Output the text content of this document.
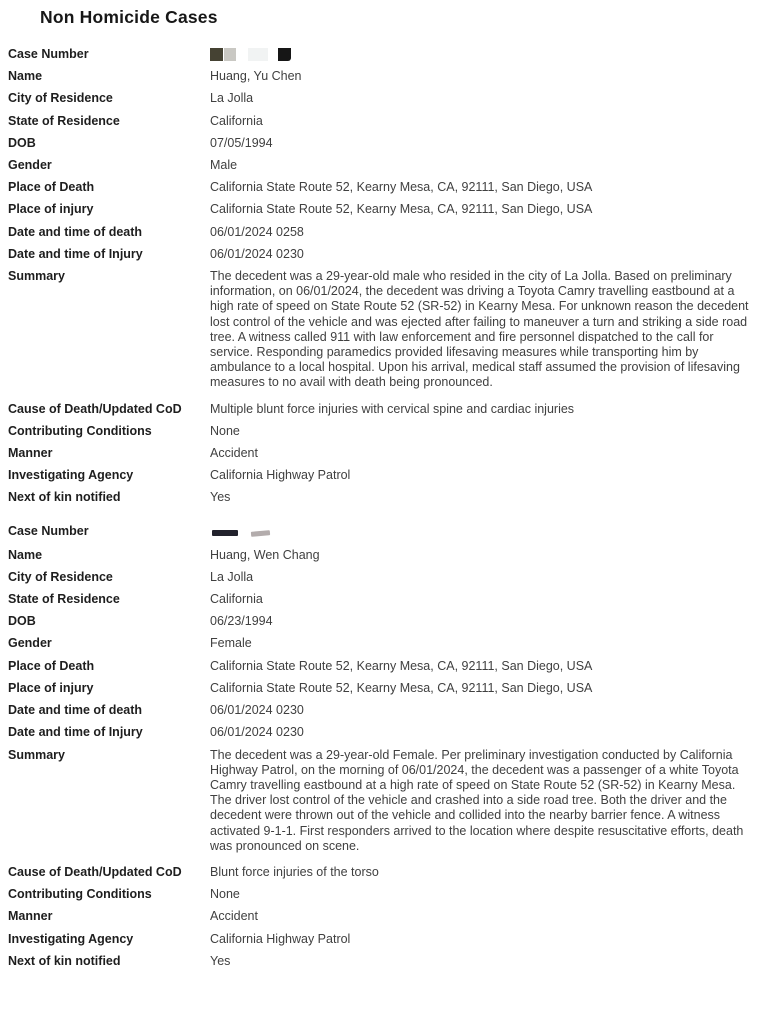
Non Homicide Cases
Case Number
Name	Huang, Yu Chen
City of Residence	La Jolla
State of Residence	California
DOB	07/05/1994
Gender	Male
Place of Death	California State Route 52, Kearny Mesa, CA, 92111, San Diego, USA
Place of injury	California State Route 52, Kearny Mesa, CA, 92111, San Diego, USA
Date and time of death	06/01/2024 0258
Date and time of Injury	06/01/2024 0230
Summary	The decedent was a 29-year-old male who resided in the city of La Jolla. Based on preliminary information, on 06/01/2024, the decedent was driving a Toyota Camry travelling eastbound at a high rate of speed on State Route 52 (SR-52) in Kearny Mesa. For unknown reason the decedent lost control of the vehicle and was ejected after failing to maneuver a turn and striking a side road tree. A witness called 911 with law enforcement and fire personnel dispatched to the call for service. Responding paramedics provided lifesaving measures while transporting him by ambulance to a local hospital. Upon his arrival, medical staff assumed the provision of lifesaving measures to no avail with death being pronounced.
Cause of Death/Updated CoD	Multiple blunt force injuries with cervical spine and cardiac injuries
Contributing Conditions	None
Manner	Accident
Investigating Agency	California Highway Patrol
Next of kin notified	Yes
Case Number
Name	Huang, Wen Chang
City of Residence	La Jolla
State of Residence	California
DOB	06/23/1994
Gender	Female
Place of Death	California State Route 52, Kearny Mesa, CA, 92111, San Diego, USA
Place of injury	California State Route 52, Kearny Mesa, CA, 92111, San Diego, USA
Date and time of death	06/01/2024 0230
Date and time of Injury	06/01/2024 0230
Summary	The decedent was a 29-year-old Female. Per preliminary investigation conducted by California Highway Patrol, on the morning of 06/01/2024, the decedent was a passenger of a white Toyota Camry travelling eastbound at a high rate of speed on State Route 52 (SR-52) in Kearny Mesa. The driver lost control of the vehicle and crashed into a side road tree. Both the driver and the decedent were thrown out of the vehicle and collided into the nearby barrier fence. A witness activated 9-1-1. First responders arrived to the location where despite resuscitative efforts, death was pronounced on scene.
Cause of Death/Updated CoD	Blunt force injuries of the torso
Contributing Conditions	None
Manner	Accident
Investigating Agency	California Highway Patrol
Next of kin notified	Yes
